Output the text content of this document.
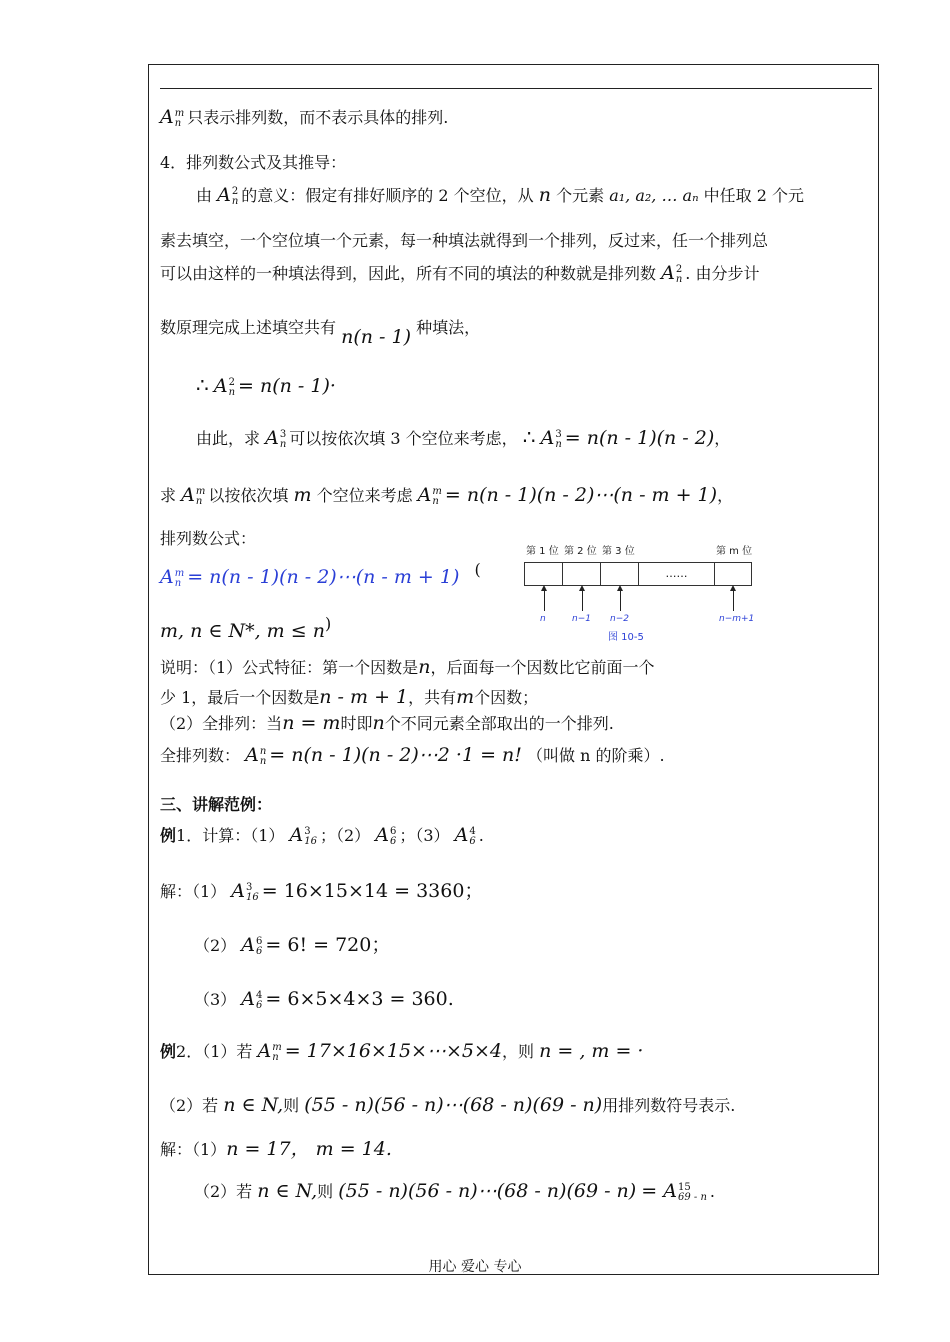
A m
n 只表示排列数，而不表示具体的排列.
4．排列数公式及其推导：
由 A 2
n 的意义：假定有排好顺序的 2 个空位，从 n 个元素 a₁, a₂, … aₙ 中任取 2 个元
素去填空，一个空位填一个元素，每一种填法就得到一个排列，反过来，任一个排列总
可以由这样的一种填法得到，因此，所有不同的填法的种数就是排列数 A 2
n . 由分步计
数原理完成上述填空共有 n(n - 1) 种填法，
∴ A 2
n = n(n - 1)·
由此，求 A 3
n 可以按依次填 3 个空位来考虑， ∴ A 3
n = n(n - 1)(n - 2)，
求 A m
n 以按依次填 m 个空位来考虑 A m
n = n(n - 1)(n - 2)⋯(n - m + 1)，
排列数公式：
A m
n = n(n - 1)(n - 2)⋯(n - m + 1) (
m, n ∈ N*, m ≤ n)
第 1 位 第 2 位 第 3 位	第 m 位
……
n	n−1 n−2	n−m+1
图 10-5
说明：（1）公式特征：第一个因数是n，后面每一个因数比它前面一个
少 1，最后一个因数是n - m + 1，共有m个因数；
（2）全排列：当n = m时即n个不同元素全部取出的一个排列.
全排列数： A n
n = n(n - 1)(n - 2)⋯2 ·1 = n! （叫做 n 的阶乘）.
三、讲解范例：
例1．计算：（1） A 3
16 ；（2） A 6
6 ；（3） A 4
6 .
解：（1） A 3
16 = 16×15×14 = 3360；
（2） A 6
6 = 6! = 720；
（3） A 4
6 = 6×5×4×3 = 360.
例2．（1）若 A m
n = 17×16×15×⋯×5×4，则 n = , m = ·
（2）若 n ∈ N,则 (55 - n)(56 - n)⋯(68 - n)(69 - n)用排列数符号表示.
解：（1）n = 17， m = 14.
（2）若 n ∈ N,则 (55 - n)(56 - n)⋯(68 - n)(69 - n) = A 15
69 - n .
用心 爱心 专心
